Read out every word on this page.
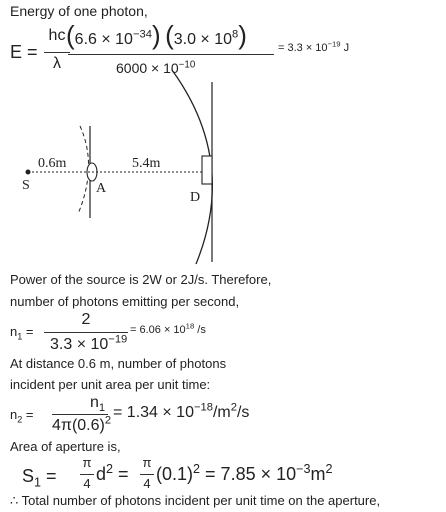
Energy of one photon,
E =
hc
λ
$(6.6 \times 10^{-34})$ $(3.0 \times 10^8)$
$6000 \times 10^{-10}$
= $3.3 \times 10^{-19}$ J
S	A
D
0.6m	5.4m
Power of the source is 2W or 2J/s. Therefore,
number of photons emitting per second,
$n_1$ =
2
$3.3 \times 10^{-19}$
= $6.06 \times 10^{18}$ /s
At distance 0.6 m, number of photons
incident per unit area per unit time:
$n_2$ =
$n_1$
$4\pi(0.6)^2 = 1.34 \times 10^{-18}/m^2/s$
Area of aperture is,
$S_1$ =
π
4 $d^2$ =
π
4 $(0.1)^2 = 7.85 \times 10^{-3}m^2$
∴ Total number of photons incident per unit time on the aperture,
